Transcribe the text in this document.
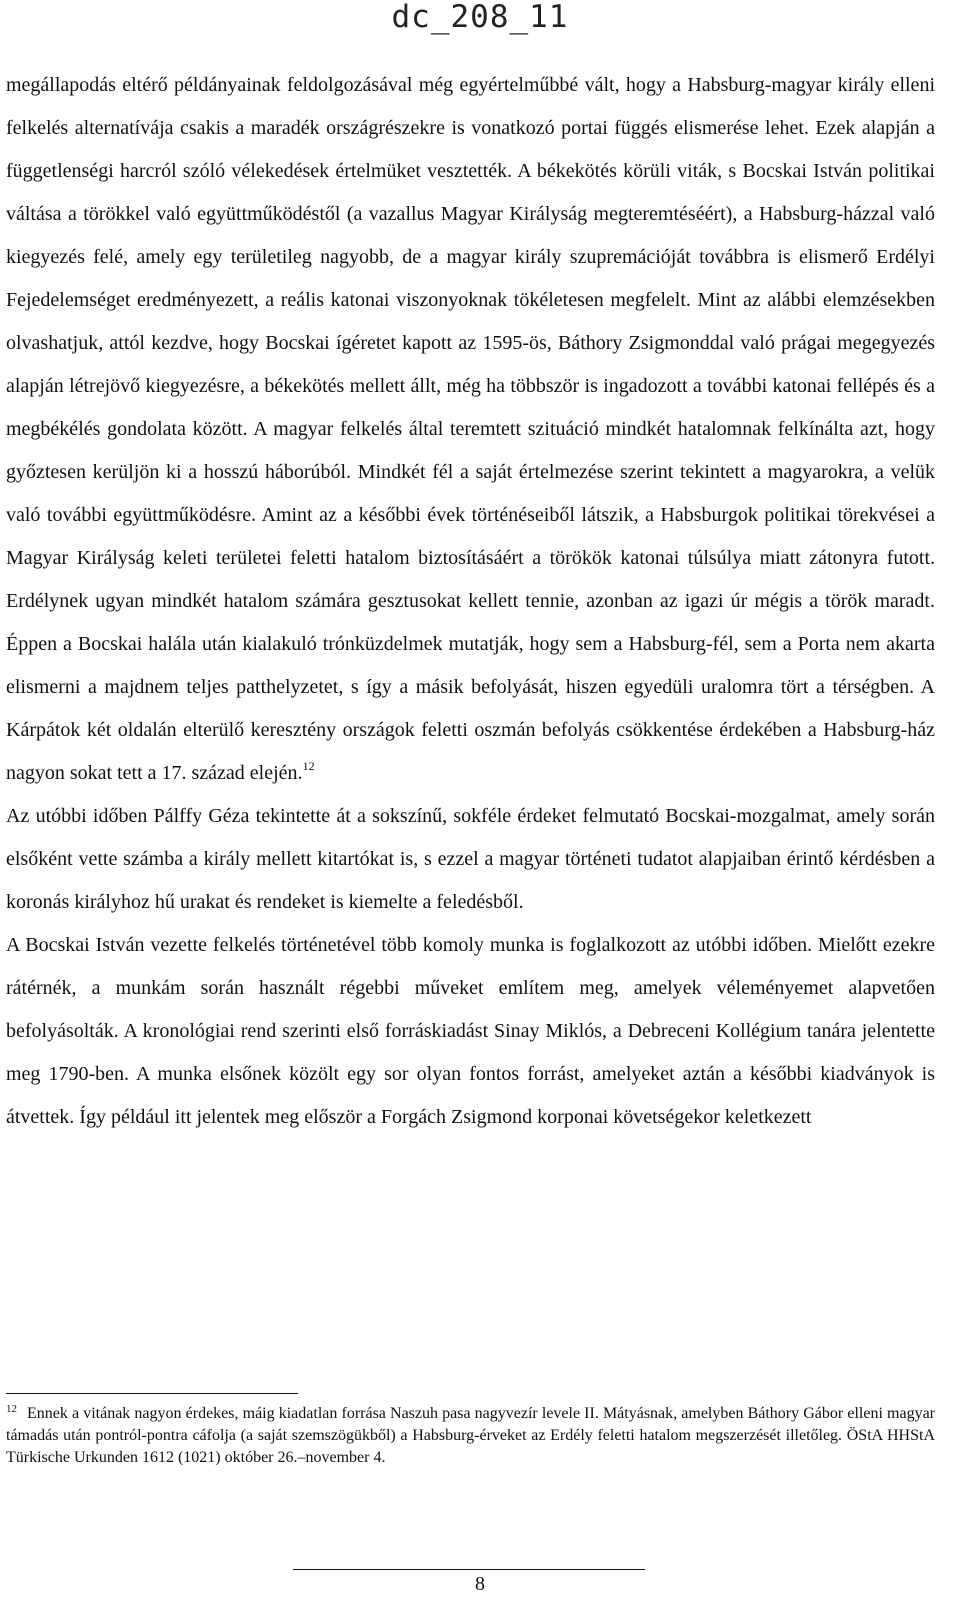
dc_208_11

megállapodás eltérő példányainak feldolgozásával még egyértelműbbé vált, hogy a Habsburg-magyar király elleni felkelés alternatívája csakis a maradék országrészekre is vonatkozó portai függés elismerése lehet. Ezek alapján a függetlenségi harcról szóló vélekedések értelmüket vesztették. A békekötés körüli viták, s Bocskai István politikai váltása a törökkel való együttműködéstől (a vazallus Magyar Királyság megteremtéséért), a Habsburg-házzal való kiegyezés felé, amely egy területileg nagyobb, de a magyar király szupremációját továbbra is elismerő Erdélyi Fejedelemséget eredményezett, a reális katonai viszonyoknak tökéletesen megfelelt. Mint az alábbi elemzésekben olvashatjuk, attól kezdve, hogy Bocskai ígéretet kapott az 1595-ös, Báthory Zsigmonddal való prágai megegyezés alapján létrejövő kiegyezésre, a békekötés mellett állt, még ha többször is ingadozott a további katonai fellépés és a megbékélés gondolata között. A magyar felkelés által teremtett szituáció mindkét hatalomnak felkínálta azt, hogy győztesen kerüljön ki a hosszú háborúból. Mindkét fél a saját értelmezése szerint tekintett a magyarokra, a velük való további együttműködésre. Amint az a későbbi évek történéseiből látszik, a Habsburgok politikai törekvései a Magyar Királyság keleti területei feletti hatalom biztosításáért a törökök katonai túlsúlya miatt zátonyra futott. Erdélynek ugyan mindkét hatalom számára gesztusokat kellett tennie, azonban az igazi úr mégis a török maradt. Éppen a Bocskai halála után kialakuló trónküzdelmek mutatják, hogy sem a Habsburg-fél, sem a Porta nem akarta elismerni a majdnem teljes patthelyzetet, s így a másik befolyását, hiszen egyedüli uralomra tört a térségben. A Kárpátok két oldalán elterülő keresztény országok feletti oszmán befolyás csökkentése érdekében a Habsburg-ház nagyon sokat tett a 17. század elején.$^{12}$

Az utóbbi időben Pálffy Géza tekintette át a sokszínű, sokféle érdeket felmutató Bocskai-mozgalmat, amely során elsőként vette számba a király mellett kitartókat is, s ezzel a magyar történeti tudatot alapjaiban érintő kérdésben a koronás királyhoz hű urakat és rendeket is kiemelte a feledésből.

A Bocskai István vezette felkelés történetével több komoly munka is foglalkozott az utóbbi időben. Mielőtt ezekre rátérnék, a munkám során használt régebbi műveket említem meg, amelyek véleményemet alapvetően befolyásolták. A kronológiai rend szerinti első forráskiadást Sinay Miklós, a Debreceni Kollégium tanára jelentette meg 1790-ben. A munka elsőnek közölt egy sor olyan fontos forrást, amelyeket aztán a későbbi kiadványok is átvettek. Így például itt jelentek meg először a Forgách Zsigmond korponai követségekor keletkezett

$^{12}$ Ennek a vitának nagyon érdekes, máig kiadatlan forrása Naszuh pasa nagyvezír levele II. Mátyásnak, amelyben Báthory Gábor elleni magyar támadás után pontról-pontra cáfolja (a saját szemszögükből) a Habsburg-érveket az Erdély feletti hatalom megszerzését illetőleg. ÖStA HHStA Türkische Urkunden 1612 (1021) október 26.–november 4.
8
